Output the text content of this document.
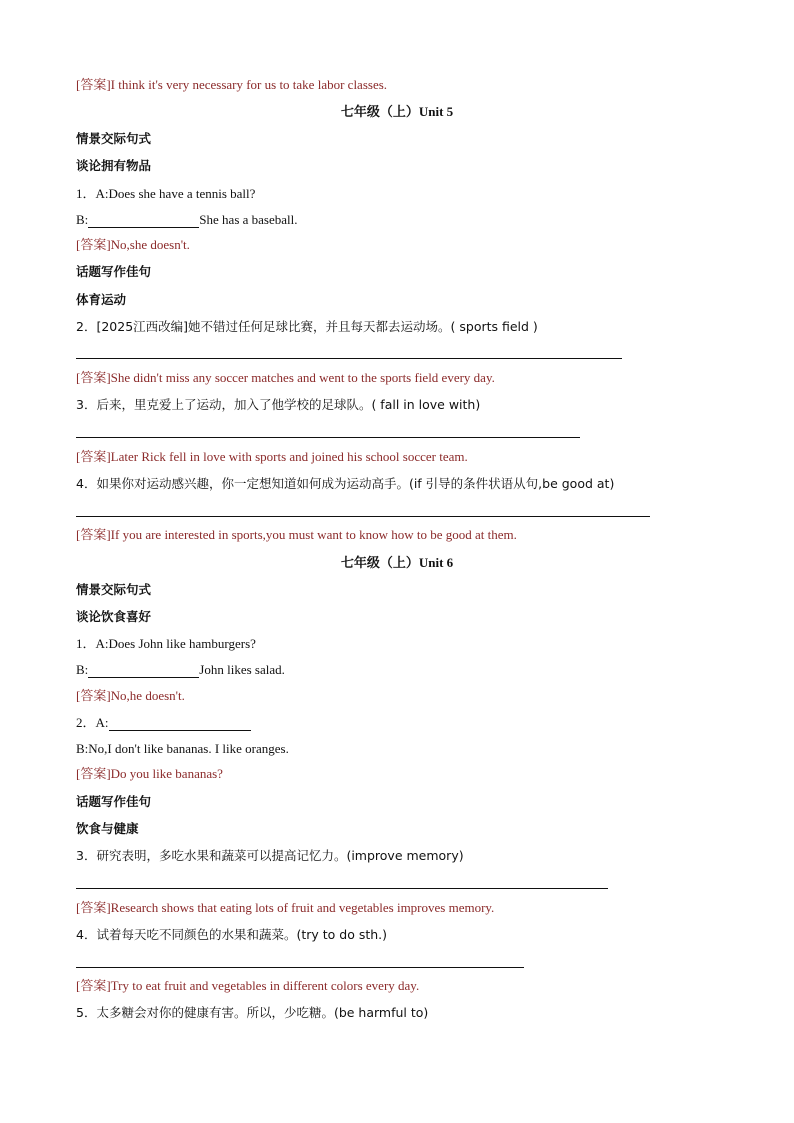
[答案]I think it's very necessary for us to take labor classes.
七年级（上）Unit 5
情景交际句式
谈论拥有物品
1．A:Does she have a tennis ball?
B:	She has a baseball.
[答案]No,she doesn't.
话题写作佳句
体育运动
2．[2025江西改编]她不错过任何足球比赛，并且每天都去运动场。( sports field )
[答案]She didn't miss any soccer matches and went to the sports field every day.
3．后来，里克爱上了运动，加入了他学校的足球队。( fall in love with)
[答案]Later Rick fell in love with sports and joined his school soccer team.
4．如果你对运动感兴趣，你一定想知道如何成为运动高手。(if 引导的条件状语从句,be good at)
[答案]If you are interested in sports,you must want to know how to be good at them.
七年级（上）Unit 6
情景交际句式
谈论饮食喜好
1．A:Does John like hamburgers?
B:	John likes salad.
[答案]No,he doesn't.
2．A:
B:No,I don't like bananas. I like oranges.
[答案]Do you like bananas?
话题写作佳句
饮食与健康
3．研究表明，多吃水果和蔬菜可以提高记忆力。(improve memory)
[答案]Research shows that eating lots of fruit and vegetables improves memory.
4．试着每天吃不同颜色的水果和蔬菜。(try to do sth.)
[答案]Try to eat fruit and vegetables in different colors every day.
5．太多糖会对你的健康有害。所以，少吃糖。(be harmful to)
